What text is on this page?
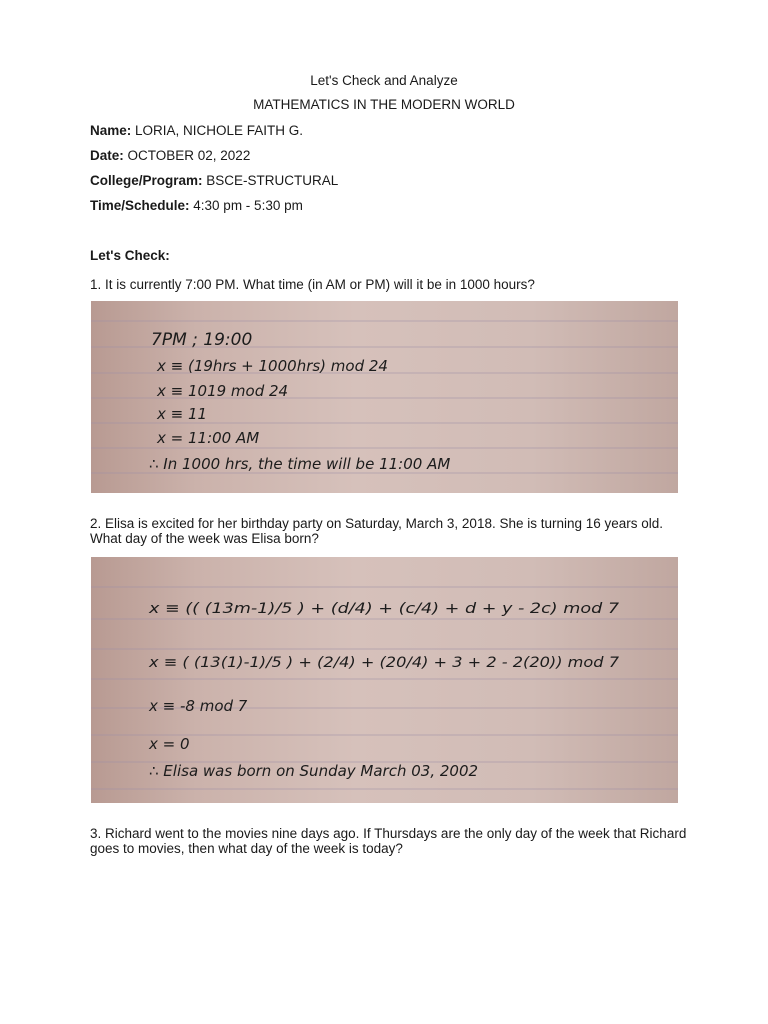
Let's Check and Analyze
MATHEMATICS IN THE MODERN WORLD
Name: LORIA, NICHOLE FAITH G.
Date: OCTOBER 02, 2022
College/Program: BSCE-STRUCTURAL
Time/Schedule: 4:30 pm - 5:30 pm
Let's Check:
1. It is currently 7:00 PM. What time (in AM or PM) will it be in 1000 hours?
7PM ; 19:00
x ≡ (19hrs + 1000hrs) mod 24
x ≡ 1019 mod 24
x ≡ 11
x = 11:00 AM
∴ In 1000 hrs, the time will be 11:00 AM
2. Elisa is excited for her birthday party on Saturday, March 3, 2018. She is turning 16 years old. What day of the week was Elisa born?
x ≡ (( (13m-1)/5 ) + (d/4) + (c/4) + d + y - 2c) mod 7
x ≡ ( (13(1)-1)/5 ) + (2/4) + (20/4) + 3 + 2 - 2(20)) mod 7
x ≡ -8 mod 7
x = 0
∴ Elisa was born on Sunday March 03, 2002
3. Richard went to the movies nine days ago. If Thursdays are the only day of the week that Richard goes to movies, then what day of the week is today?
